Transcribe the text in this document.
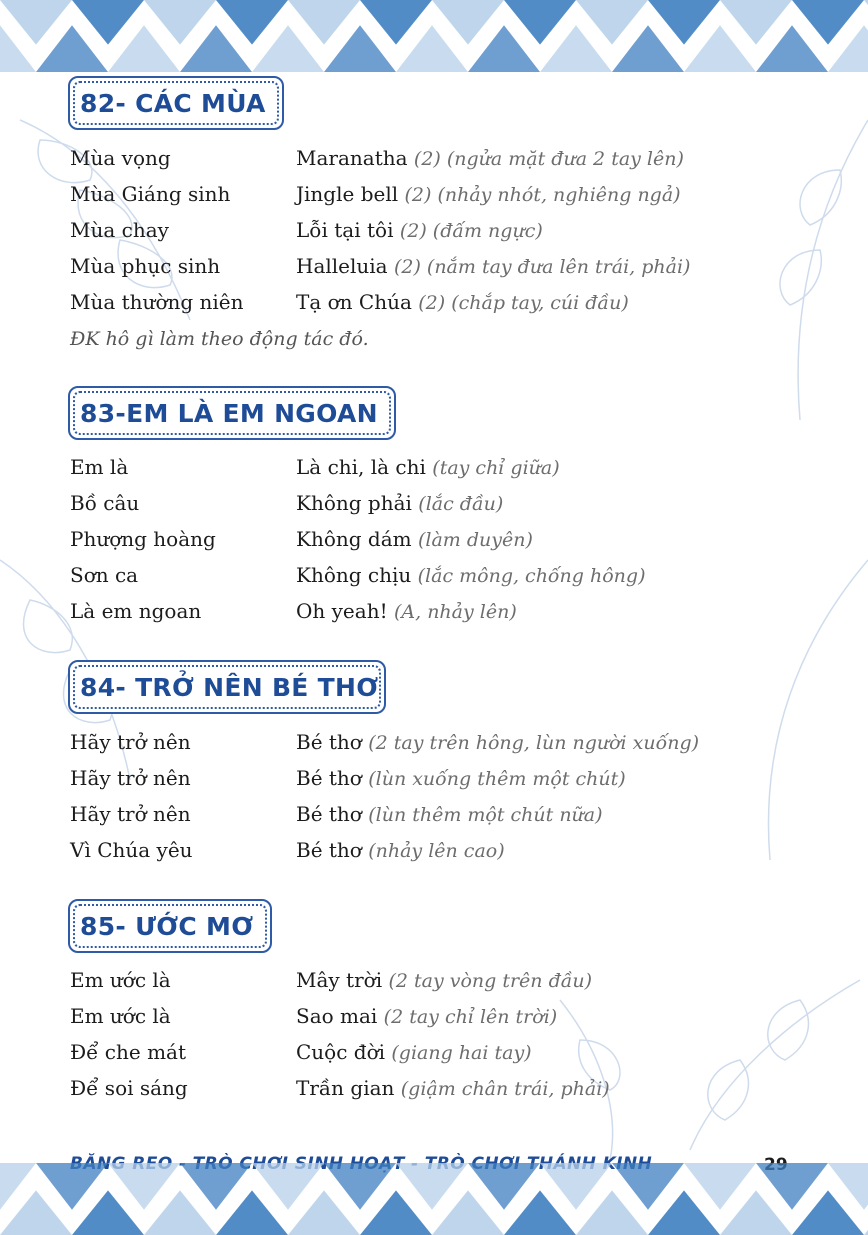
82- CÁC MÙA
Mùa vọng	Maranatha (2) (ngửa mặt đưa 2 tay lên)
Mùa Giáng sinh	Jingle bell (2) (nhảy nhót, nghiêng ngả)
Mùa chay	Lỗi tại tôi (2) (đấm ngực)
Mùa phục sinh	Halleluia (2) (nắm tay đưa lên trái, phải)
Mùa thường niên	Tạ ơn Chúa (2) (chắp tay, cúi đầu)
ĐK hô gì làm theo động tác đó.
83-EM LÀ EM NGOAN
Em là	Là chi, là chi (tay chỉ giữa)
Bồ câu	Không phải (lắc đầu)
Phượng hoàng	Không dám (làm duyên)
Sơn ca	Không chịu (lắc mông, chống hông)
Là em ngoan	Oh yeah! (A, nhảy lên)
84- TRỞ NÊN BÉ THƠ
Hãy trở nên	Bé thơ (2 tay trên hông, lùn người xuống)
Hãy trở nên	Bé thơ (lùn xuống thêm một chút)
Hãy trở nên	Bé thơ (lùn thêm một chút nữa)
Vì Chúa yêu	Bé thơ (nhảy lên cao)
85- ƯỚC MƠ
Em ước là	Mây trời (2 tay vòng trên đầu)
Em ước là	Sao mai (2 tay chỉ lên trời)
Để che mát	Cuộc đời (giang hai tay)
Để soi sáng	Trần gian (giậm chân trái, phải)
